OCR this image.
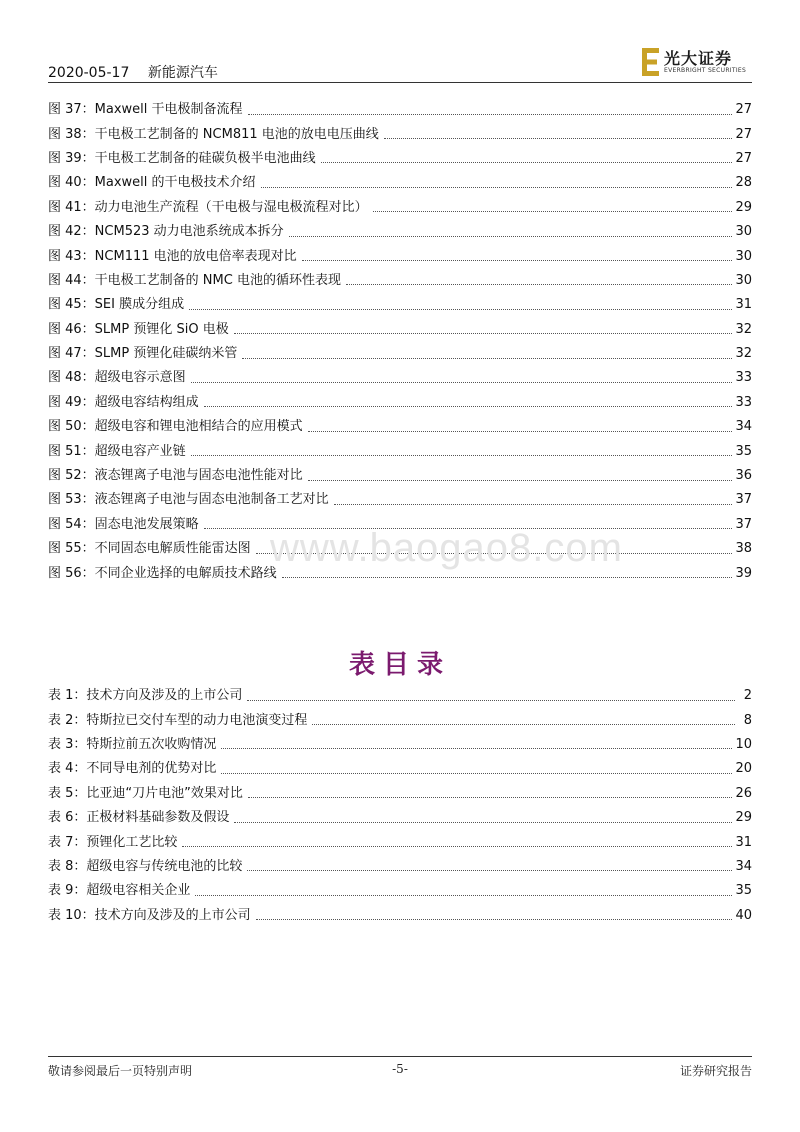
2020-05-17 新能源汽车
光大证券
EVERBRIGHT SECURITIES
图 37：Maxwell 干电极制备流程	27
图 38：干电极工艺制备的 NCM811 电池的放电电压曲线	27
图 39：干电极工艺制备的硅碳负极半电池曲线	27
图 40：Maxwell 的干电极技术介绍	28
图 41：动力电池生产流程（干电极与湿电极流程对比）	29
图 42：NCM523 动力电池系统成本拆分	30
图 43：NCM111 电池的放电倍率表现对比	30
图 44：干电极工艺制备的 NMC 电池的循环性表现	30
图 45：SEI 膜成分组成	31
图 46：SLMP 预锂化 SiO 电极	32
图 47：SLMP 预锂化硅碳纳米管	32
图 48：超级电容示意图	33
图 49：超级电容结构组成	33
图 50：超级电容和锂电池相结合的应用模式	34
图 51：超级电容产业链	35
图 52：液态锂离子电池与固态电池性能对比	36
图 53：液态锂离子电池与固态电池制备工艺对比	37
图 54：固态电池发展策略	37
图 55：不同固态电解质性能雷达图	38
图 56：不同企业选择的电解质技术路线	39
表目录
表 1：技术方向及涉及的上市公司	2
表 2：特斯拉已交付车型的动力电池演变过程	8
表 3：特斯拉前五次收购情况	10
表 4：不同导电剂的优势对比	20
表 5：比亚迪“刀片电池”效果对比	26
表 6：正极材料基础参数及假设	29
表 7：预锂化工艺比较	31
表 8：超级电容与传统电池的比较	34
表 9：超级电容相关企业	35
表 10：技术方向及涉及的上市公司	40
www.baogao8.com
敬请参阅最后一页特别声明	-5-	证券研究报告
